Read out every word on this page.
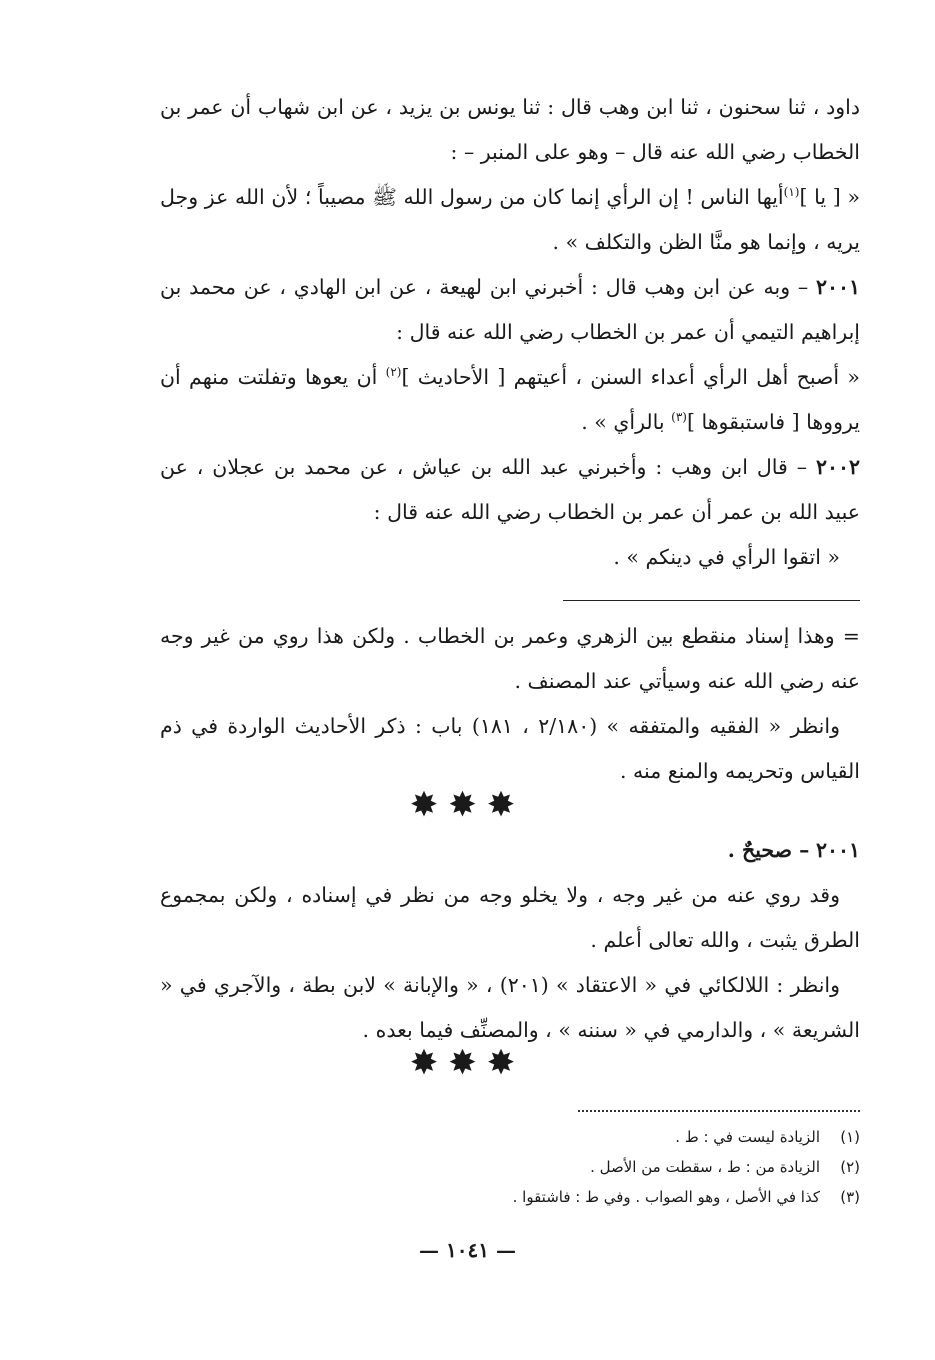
داود ، ثنا سحنون ، ثنا ابن وهب قال : ثنا يونس بن يزيد ، عن ابن شهاب أن عمر بن الخطاب رضي الله عنه قال – وهو على المنبر – :

« [ يا ]$^{(١)}$أيها الناس ! إن الرأي إنما كان من رسول الله ﷺ مصيباً ؛ لأن الله عز وجل يريه ، وإنما هو منَّا الظن والتكلف » .

٢٠٠١ – وبه عن ابن وهب قال : أخبرني ابن لهيعة ، عن ابن الهادي ، عن محمد بن إبراهيم التيمي أن عمر بن الخطاب رضي الله عنه قال :

« أصبح أهل الرأي أعداء السنن ، أعيتهم [ الأحاديث ]$^{(٢)}$ أن يعوها وتفلتت منهم أن يرووها [ فاستبقوها ]$^{(٣)}$ بالرأي » .

٢٠٠٢ – قال ابن وهب : وأخبرني عبد الله بن عياش ، عن محمد بن عجلان ، عن عبيد الله بن عمر أن عمر بن الخطاب رضي الله عنه قال :

« اتقوا الرأي في دينكم » .

= وهذا إسناد منقطع بين الزهري وعمر بن الخطاب . ولكن هذا روي من غير وجه عنه رضي الله عنه وسيأتي عند المصنف .

وانظر « الفقيه والمتفقه » (٢/١٨٠ ، ١٨١) باب : ذكر الأحاديث الواردة في ذم القياس وتحريمه والمنع منه .

✸✸✸

٢٠٠١ – صحيحٌ .

وقد روي عنه من غير وجه ، ولا يخلو وجه من نظر في إسناده ، ولكن بمجموع الطرق يثبت ، والله تعالى أعلم .

وانظر : اللالكائي في « الاعتقاد » (٢٠١) ، « والإبانة » لابن بطة ، والآجري في « الشريعة » ، والدارمي في « سننه » ، والمصنِّف فيما بعده .

✸✸✸
(١)
الزيادة ليست في : ط .
(٢)
الزيادة من : ط ، سقطت من الأصل .
(٣)
كذا في الأصل ، وهو الصواب . وفي ط : فاشتقوا .
— ١٠٤١ —
